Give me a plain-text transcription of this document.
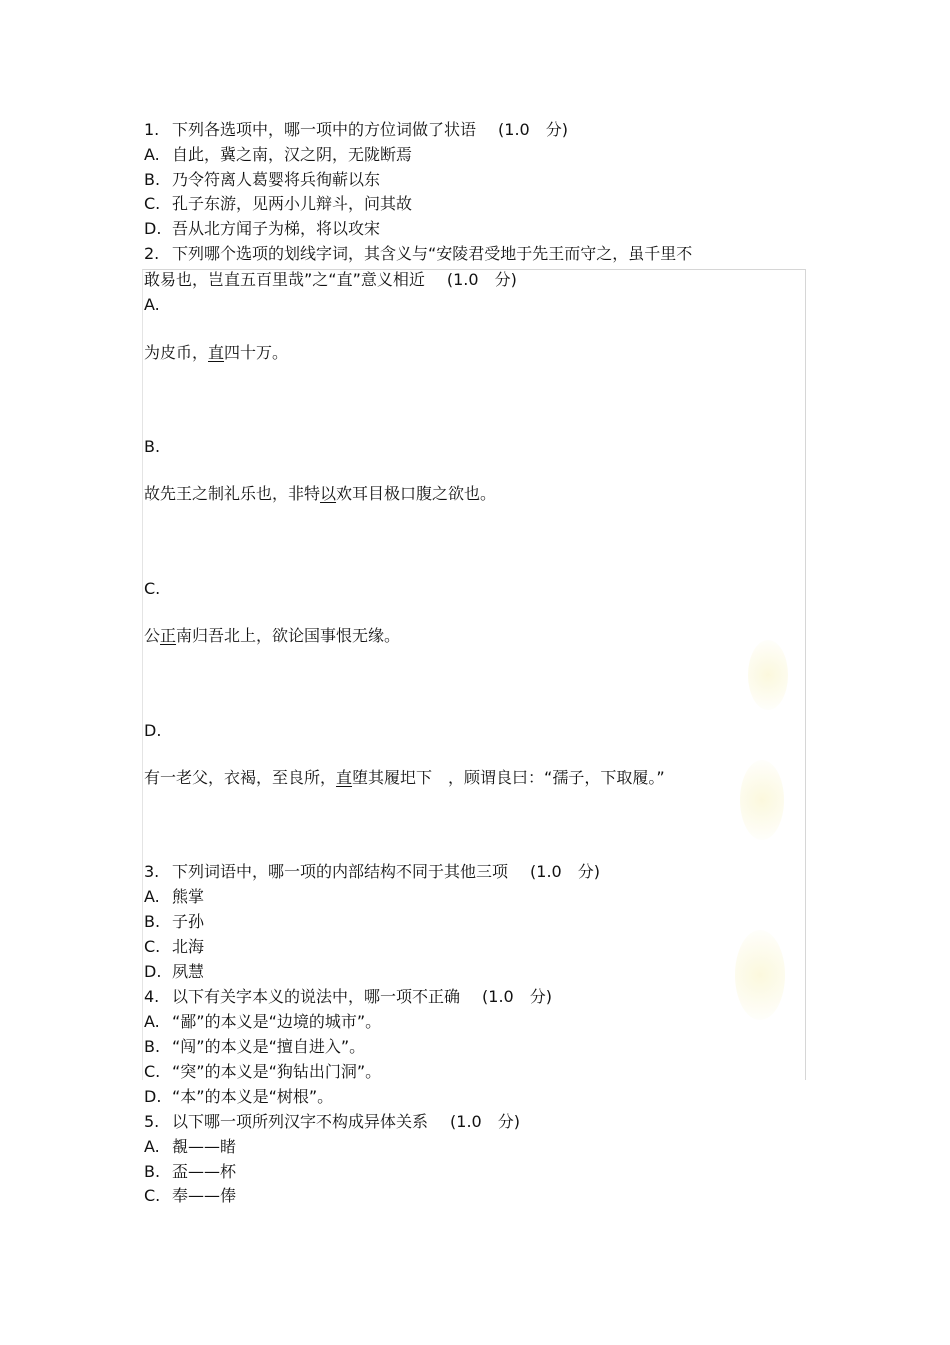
1. 下列各选项中，哪一项中的方位词做了状语 (1.0　分)
A. 自此，冀之南，汉之阴，无陇断焉
B. 乃令符离人葛婴将兵徇蕲以东
C. 孔子东游，见两小儿辩斗，问其故
D. 吾从北方闻子为梯，将以攻宋
2. 下列哪个选项的划线字词，其含义与“安陵君受地于先王而守之，虽千里不
敢易也，岂直五百里哉”之“直”意义相近 (1.0　分)
A.
为皮币，直四十万。
B.
故先王之制礼乐也，非特以欢耳目极口腹之欲也。
C.
公正南归吾北上，欲论国事恨无缘。
D.
有一老父，衣褐，至良所，直堕其履圯下　，顾谓良曰：“孺子，下取履。”
3. 下列词语中，哪一项的内部结构不同于其他三项 (1.0　分)
A. 熊掌
B. 子孙
C. 北海
D. 夙慧
4. 以下有关字本义的说法中，哪一项不正确 (1.0　分)
A. “鄙”的本义是“边境的城市”。
B. “闯”的本义是“擅自进入”。
C. “突”的本义是“狗钻出门洞”。
D. “本”的本义是“树根”。
5. 以下哪一项所列汉字不构成异体关系 (1.0　分)
A. 覩——睹
B. 盃——杯
C. 奉——俸
